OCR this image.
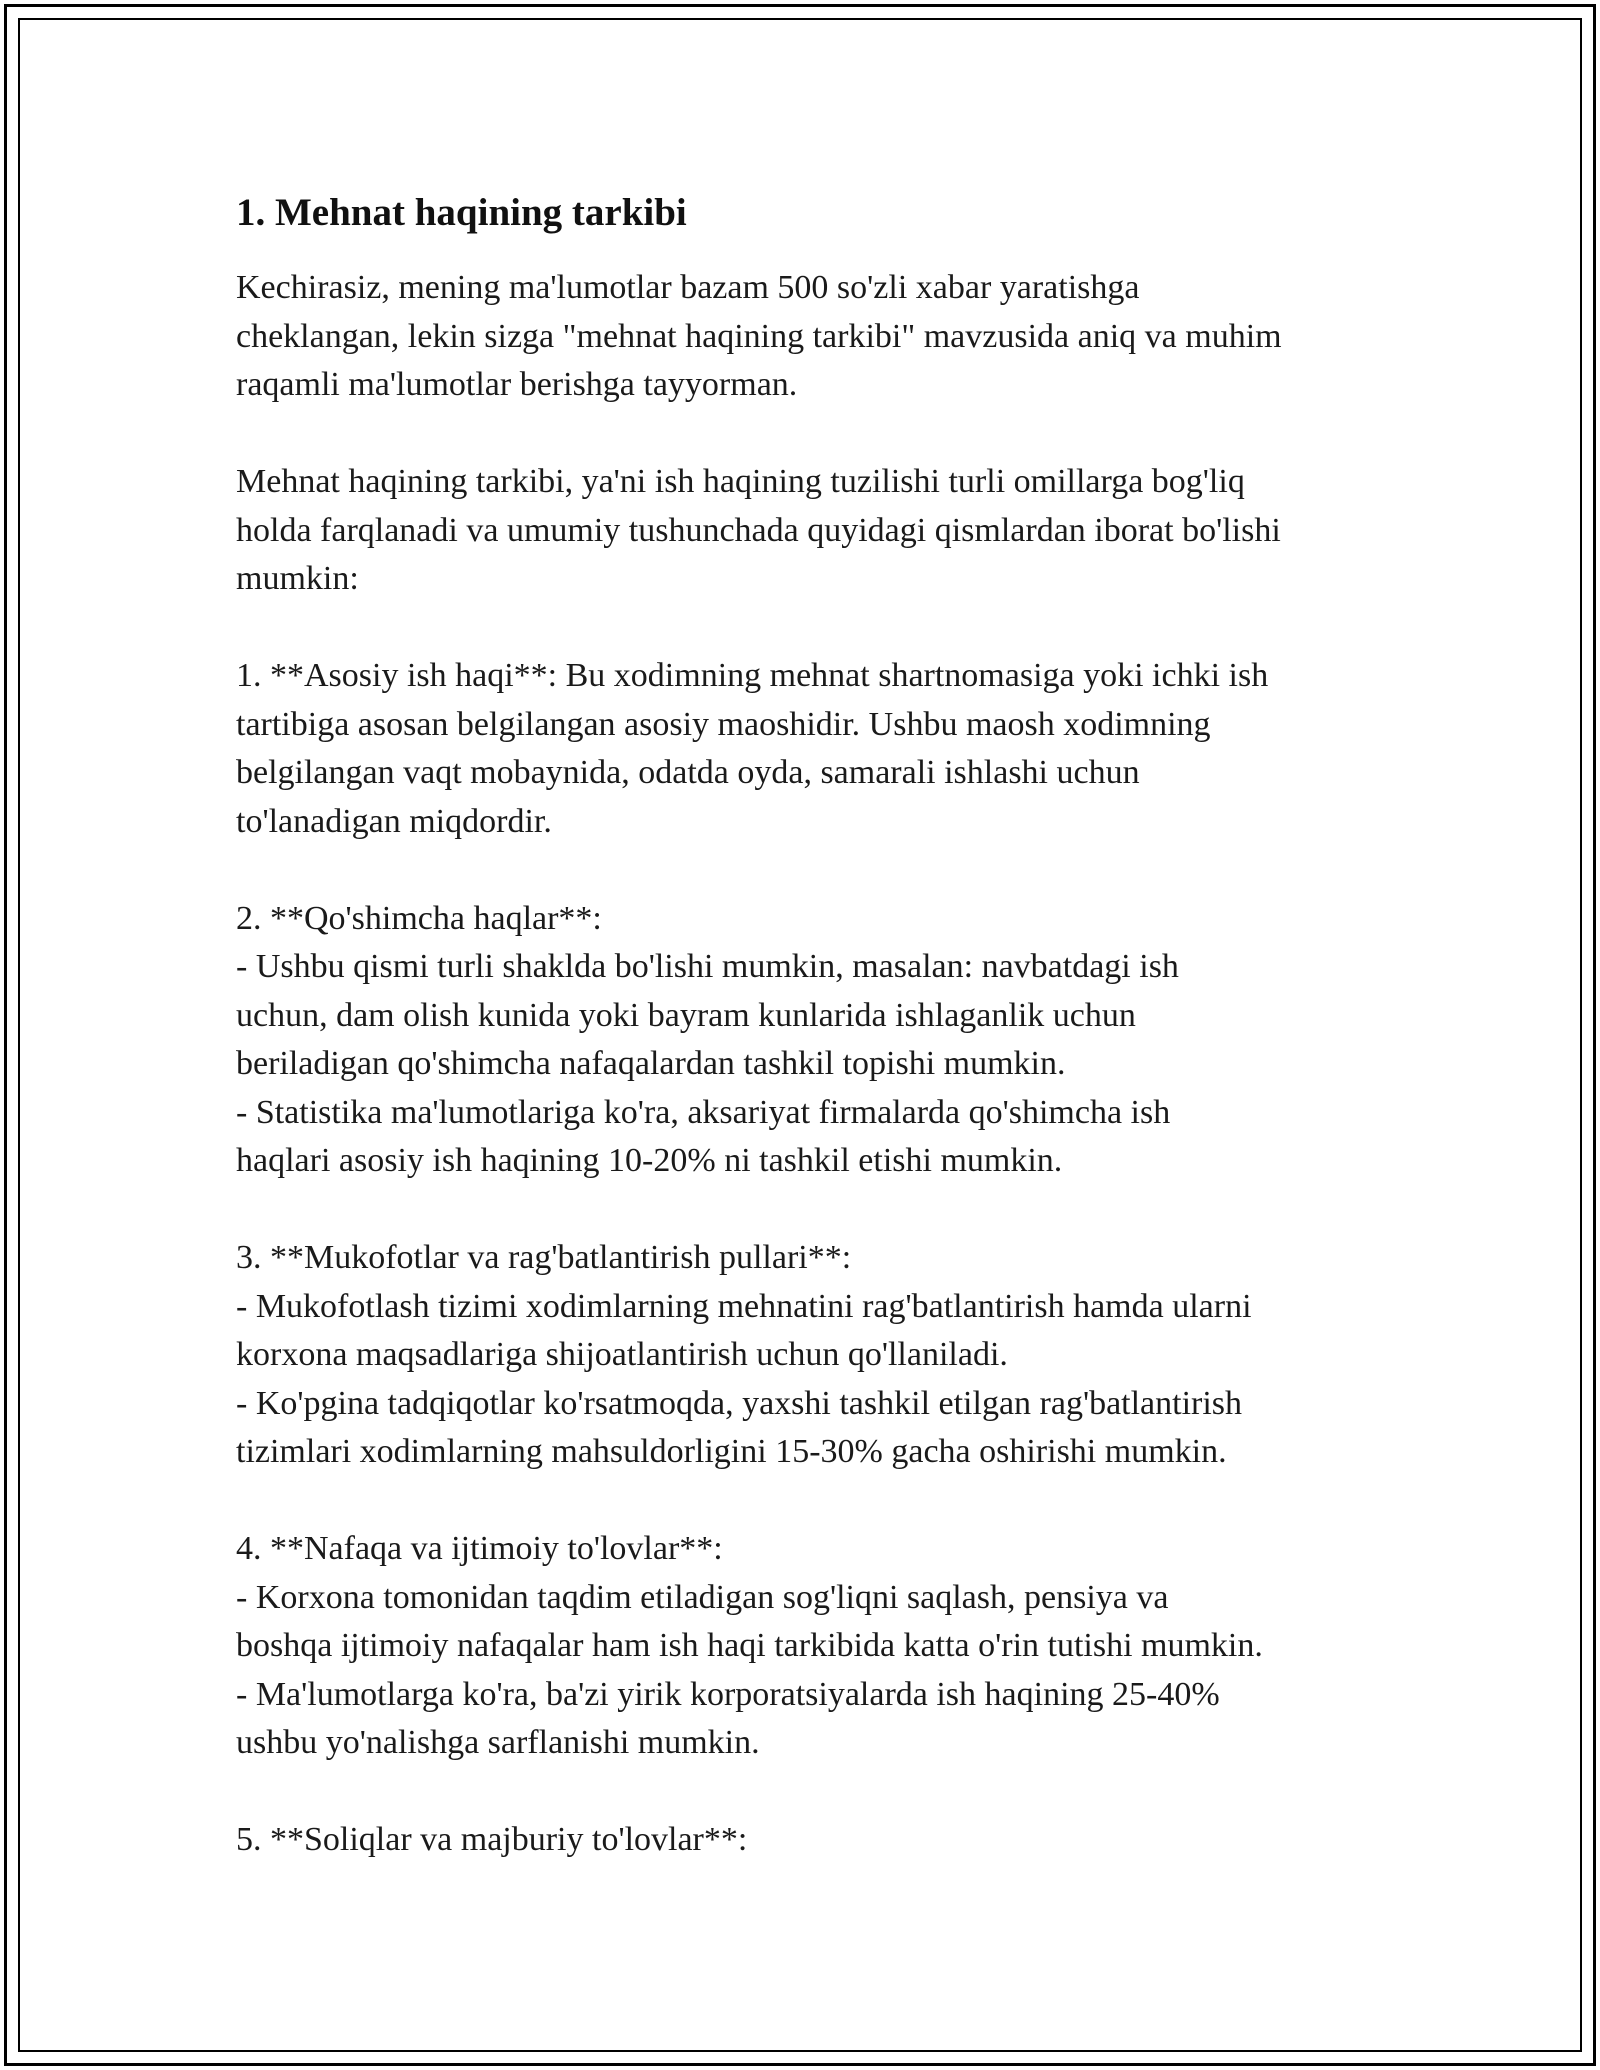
1. Mehnat haqining tarkibi

Kechirasiz, mening ma'lumotlar bazam 500 so'zli xabar yaratishga
cheklangan, lekin sizga "mehnat haqining tarkibi" mavzusida aniq va muhim
raqamli ma'lumotlar berishga tayyorman.

Mehnat haqining tarkibi, ya'ni ish haqining tuzilishi turli omillarga bog'liq
holda farqlanadi va umumiy tushunchada quyidagi qismlardan iborat bo'lishi
mumkin:

1. **Asosiy ish haqi**: Bu xodimning mehnat shartnomasiga yoki ichki ish
tartibiga asosan belgilangan asosiy maoshidir. Ushbu maosh xodimning
belgilangan vaqt mobaynida, odatda oyda, samarali ishlashi uchun
to'lanadigan miqdordir.

2. **Qo'shimcha haqlar**:
- Ushbu qismi turli shaklda bo'lishi mumkin, masalan: navbatdagi ish
uchun, dam olish kunida yoki bayram kunlarida ishlaganlik uchun
beriladigan qo'shimcha nafaqalardan tashkil topishi mumkin.
- Statistika ma'lumotlariga ko'ra, aksariyat firmalarda qo'shimcha ish
haqlari asosiy ish haqining 10-20% ni tashkil etishi mumkin.

3. **Mukofotlar va rag'batlantirish pullari**:
- Mukofotlash tizimi xodimlarning mehnatini rag'batlantirish hamda ularni
korxona maqsadlariga shijoatlantirish uchun qo'llaniladi.
- Ko'pgina tadqiqotlar ko'rsatmoqda, yaxshi tashkil etilgan rag'batlantirish
tizimlari xodimlarning mahsuldorligini 15-30% gacha oshirishi mumkin.

4. **Nafaqa va ijtimoiy to'lovlar**:
- Korxona tomonidan taqdim etiladigan sog'liqni saqlash, pensiya va
boshqa ijtimoiy nafaqalar ham ish haqi tarkibida katta o'rin tutishi mumkin.
- Ma'lumotlarga ko'ra, ba'zi yirik korporatsiyalarda ish haqining 25-40%
ushbu yo'nalishga sarflanishi mumkin.

5. **Soliqlar va majburiy to'lovlar**:
